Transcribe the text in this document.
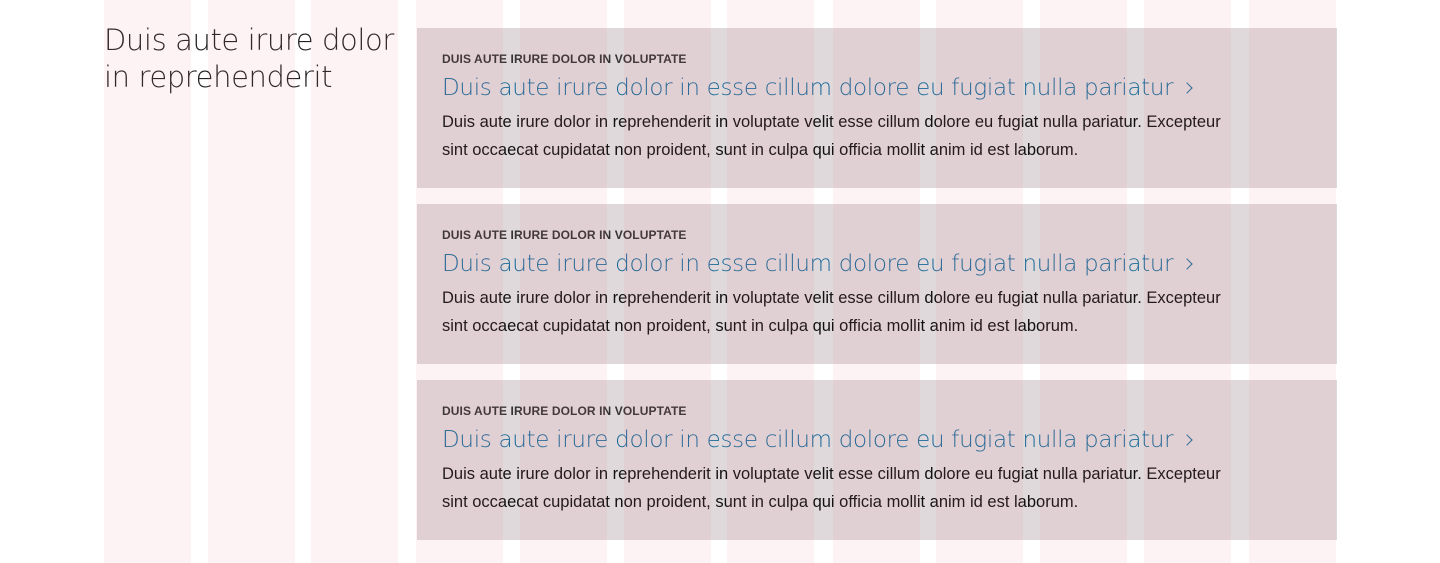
Duis aute irure dolor in reprehenderit

DUIS AUTE IRURE DOLOR IN VOLUPTATE

Duis aute irure dolor in esse cillum dolore eu fugiat nulla pariatur

Duis aute irure dolor in reprehenderit in voluptate velit esse cillum dolore eu fugiat nulla pariatur. Excepteur sint occaecat cupidatat non proident, sunt in culpa qui officia mollit anim id est laborum.

DUIS AUTE IRURE DOLOR IN VOLUPTATE

Duis aute irure dolor in esse cillum dolore eu fugiat nulla pariatur

Duis aute irure dolor in reprehenderit in voluptate velit esse cillum dolore eu fugiat nulla pariatur. Excepteur sint occaecat cupidatat non proident, sunt in culpa qui officia mollit anim id est laborum.

DUIS AUTE IRURE DOLOR IN VOLUPTATE

Duis aute irure dolor in esse cillum dolore eu fugiat nulla pariatur

Duis aute irure dolor in reprehenderit in voluptate velit esse cillum dolore eu fugiat nulla pariatur. Excepteur sint occaecat cupidatat non proident, sunt in culpa qui officia mollit anim id est laborum.
